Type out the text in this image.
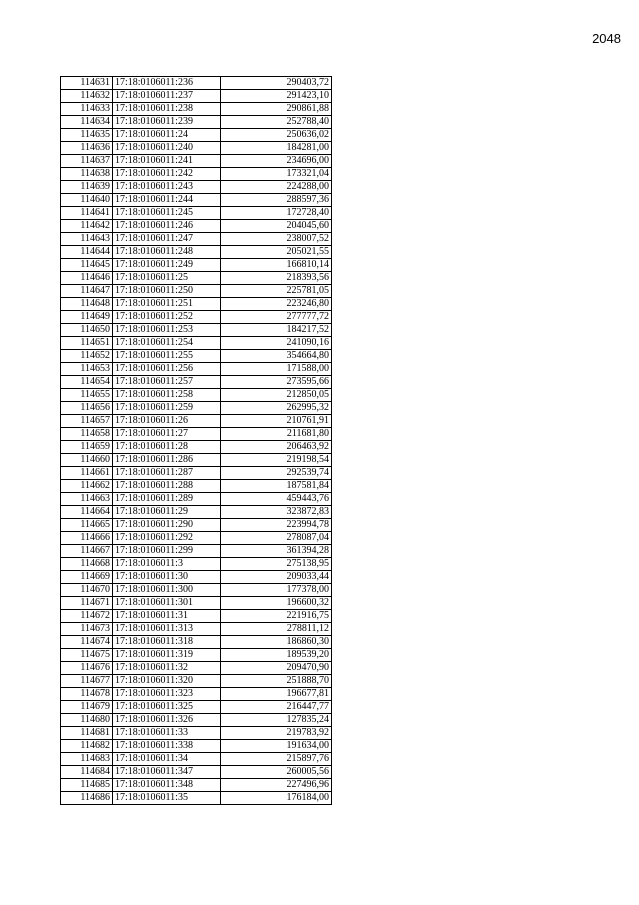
2048
114631	17:18:0106011:236	290403,72
114632	17:18:0106011:237	291423,10
114633	17:18:0106011:238	290861,88
114634	17:18:0106011:239	252788,40
114635	17:18:0106011:24	250636,02
114636	17:18:0106011:240	184281,00
114637	17:18:0106011:241	234696,00
114638	17:18:0106011:242	173321,04
114639	17:18:0106011:243	224288,00
114640	17:18:0106011:244	288597,36
114641	17:18:0106011:245	172728,40
114642	17:18:0106011:246	204045,60
114643	17:18:0106011:247	238007,52
114644	17:18:0106011:248	205021,55
114645	17:18:0106011:249	166810,14
114646	17:18:0106011:25	218393,56
114647	17:18:0106011:250	225781,05
114648	17:18:0106011:251	223246,80
114649	17:18:0106011:252	277777,72
114650	17:18:0106011:253	184217,52
114651	17:18:0106011:254	241090,16
114652	17:18:0106011:255	354664,80
114653	17:18:0106011:256	171588,00
114654	17:18:0106011:257	273595,66
114655	17:18:0106011:258	212850,05
114656	17:18:0106011:259	262995,32
114657	17:18:0106011:26	210761,91
114658	17:18:0106011:27	211681,80
114659	17:18:0106011:28	206463,92
114660	17:18:0106011:286	219198,54
114661	17:18:0106011:287	292539,74
114662	17:18:0106011:288	187581,84
114663	17:18:0106011:289	459443,76
114664	17:18:0106011:29	323872,83
114665	17:18:0106011:290	223994,78
114666	17:18:0106011:292	278087,04
114667	17:18:0106011:299	361394,28
114668	17:18:0106011:3	275138,95
114669	17:18:0106011:30	209033,44
114670	17:18:0106011:300	177378,00
114671	17:18:0106011:301	196600,32
114672	17:18:0106011:31	221916,75
114673	17:18:0106011:313	278811,12
114674	17:18:0106011:318	186860,30
114675	17:18:0106011:319	189539,20
114676	17:18:0106011:32	209470,90
114677	17:18:0106011:320	251888,70
114678	17:18:0106011:323	196677,81
114679	17:18:0106011:325	216447,77
114680	17:18:0106011:326	127835,24
114681	17:18:0106011:33	219783,92
114682	17:18:0106011:338	191634,00
114683	17:18:0106011:34	215897,76
114684	17:18:0106011:347	260005,56
114685	17:18:0106011:348	227496,96
114686	17:18:0106011:35	176184,00
